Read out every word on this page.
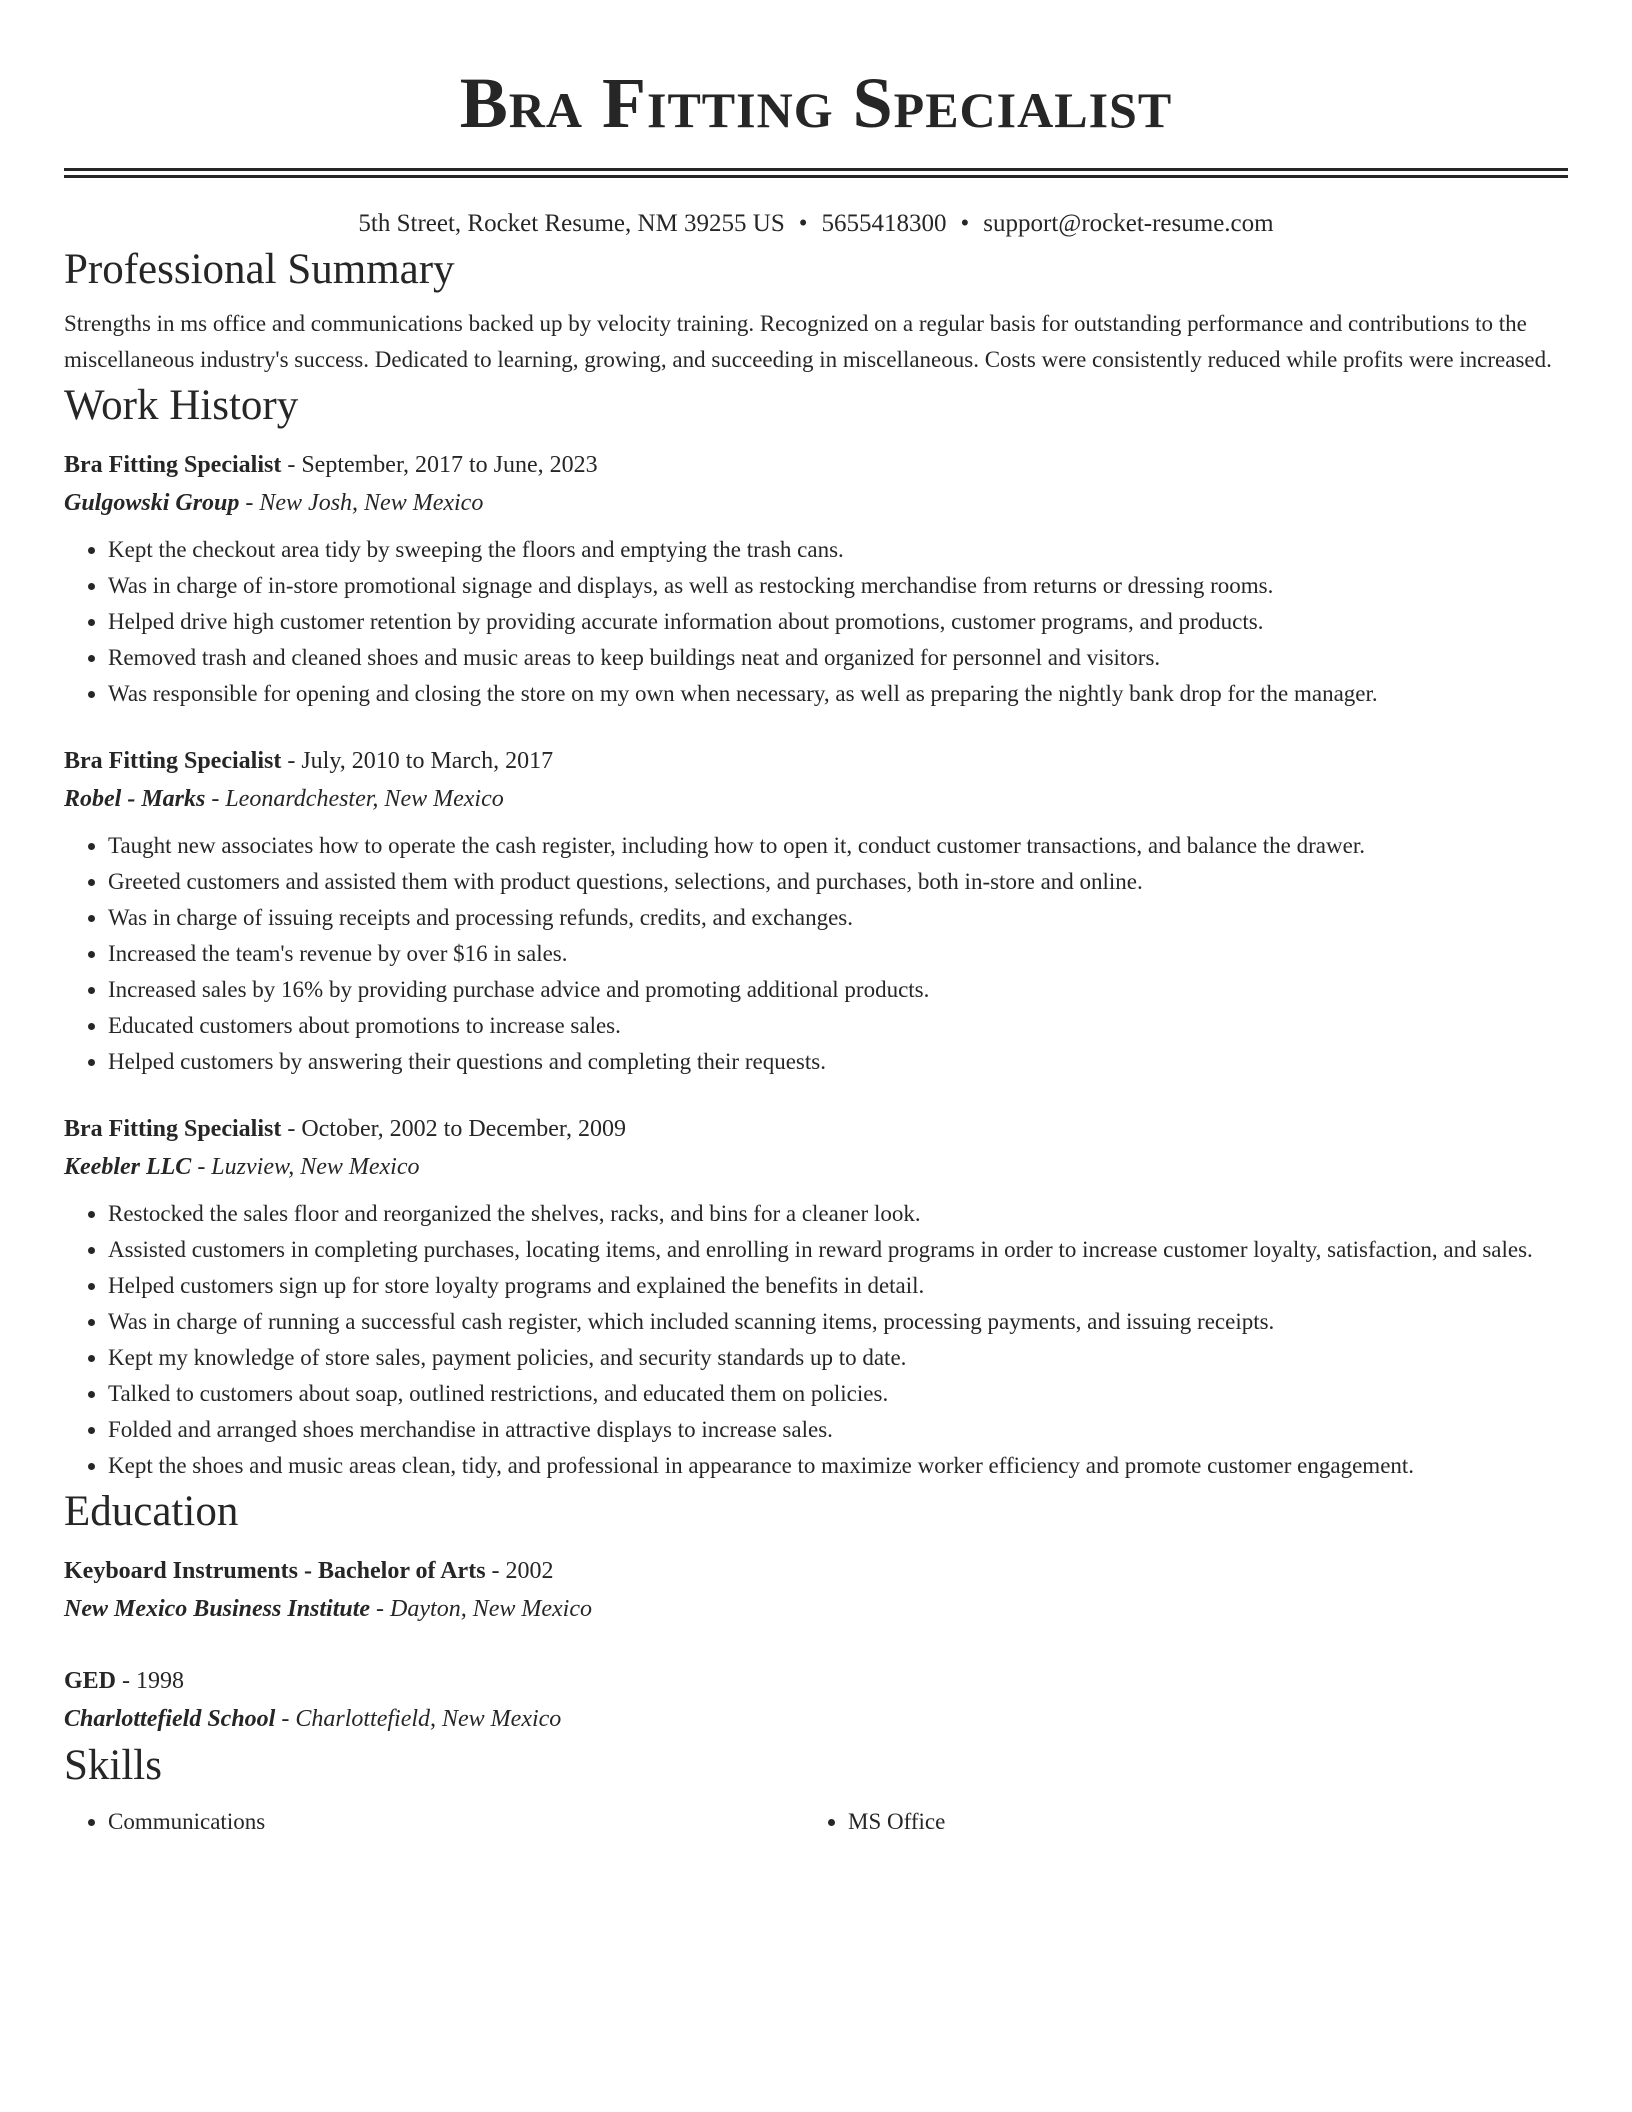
Bra Fitting Specialist
5th Street, Rocket Resume, NM 39255 US • 5655418300 • support@rocket-resume.com
Professional Summary

Strengths in ms office and communications backed up by velocity training. Recognized on a regular basis for outstanding performance and contributions to the miscellaneous industry's success. Dedicated to learning, growing, and succeeding in miscellaneous. Costs were consistently reduced while profits were increased.

Work History
Bra Fitting Specialist - September, 2017 to June, 2023
Gulgowski Group - New Josh, New Mexico
• Kept the checkout area tidy by sweeping the floors and emptying the trash cans.
• Was in charge of in-store promotional signage and displays, as well as restocking merchandise from returns or dressing rooms.
• Helped drive high customer retention by providing accurate information about promotions, customer programs, and products.
• Removed trash and cleaned shoes and music areas to keep buildings neat and organized for personnel and visitors.
• Was responsible for opening and closing the store on my own when necessary, as well as preparing the nightly bank drop for the manager.
Bra Fitting Specialist - July, 2010 to March, 2017
Robel - Marks - Leonardchester, New Mexico
• Taught new associates how to operate the cash register, including how to open it, conduct customer transactions, and balance the drawer.
• Greeted customers and assisted them with product questions, selections, and purchases, both in-store and online.
• Was in charge of issuing receipts and processing refunds, credits, and exchanges.
• Increased the team's revenue by over $16 in sales.
• Increased sales by 16% by providing purchase advice and promoting additional products.
• Educated customers about promotions to increase sales.
• Helped customers by answering their questions and completing their requests.
Bra Fitting Specialist - October, 2002 to December, 2009
Keebler LLC - Luzview, New Mexico
• Restocked the sales floor and reorganized the shelves, racks, and bins for a cleaner look.
• Assisted customers in completing purchases, locating items, and enrolling in reward programs in order to increase customer loyalty, satisfaction, and sales.
• Helped customers sign up for store loyalty programs and explained the benefits in detail.
• Was in charge of running a successful cash register, which included scanning items, processing payments, and issuing receipts.
• Kept my knowledge of store sales, payment policies, and security standards up to date.
• Talked to customers about soap, outlined restrictions, and educated them on policies.
• Folded and arranged shoes merchandise in attractive displays to increase sales.
• Kept the shoes and music areas clean, tidy, and professional in appearance to maximize worker efficiency and promote customer engagement.
Education
Keyboard Instruments - Bachelor of Arts - 2002
New Mexico Business Institute - Dayton, New Mexico
GED - 1998
Charlottefield School - Charlottefield, New Mexico
Skills
• Communications
•	MS Office
